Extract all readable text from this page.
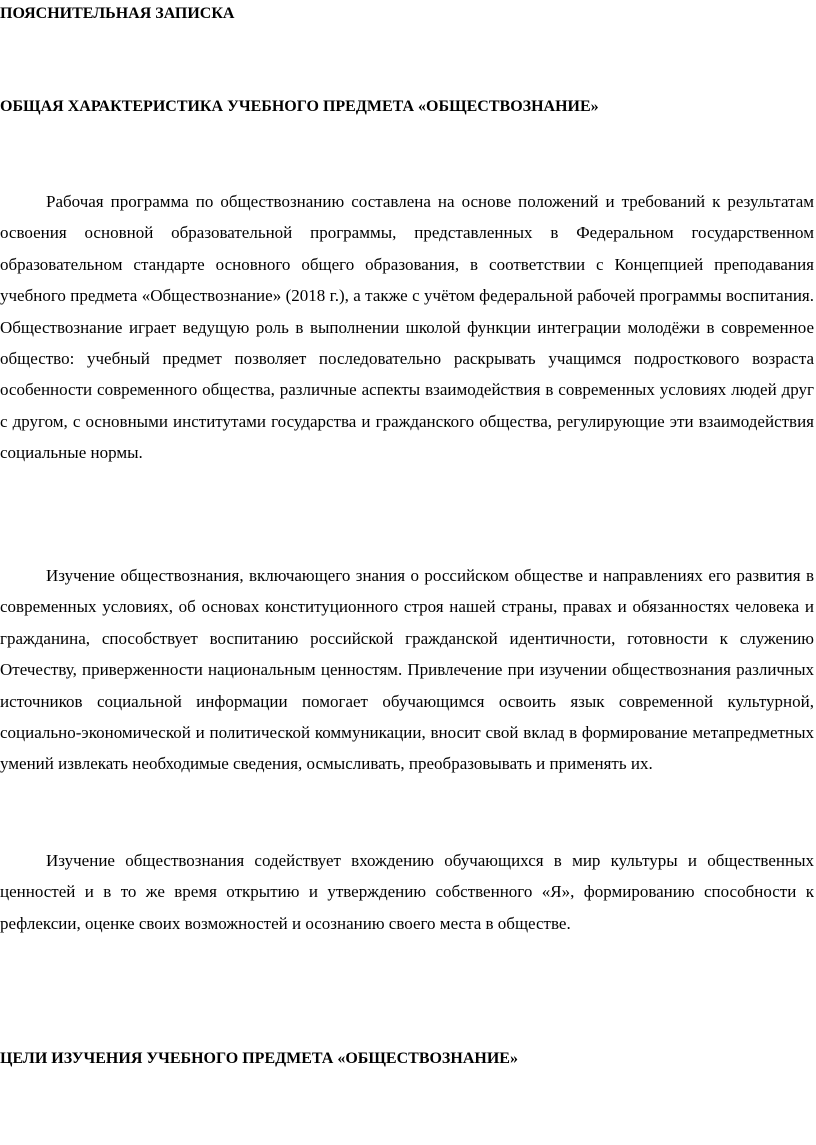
ПОЯСНИТЕЛЬНАЯ ЗАПИСКА
ОБЩАЯ ХАРАКТЕРИСТИКА УЧЕБНОГО ПРЕДМЕТА «ОБЩЕСТВОЗНАНИЕ»

Рабочая программа по обществознанию составлена на основе положений и требований к результатам освоения основной образовательной программы, представленных в Федеральном государственном образовательном стандарте основного общего образования, в соответствии с Концепцией преподавания учебного предмета «Обществознание» (2018 г.), а также с учётом федеральной рабочей программы воспитания. Обществознание играет ведущую роль в выполнении школой функции интеграции молодёжи в современное общество: учебный предмет позволяет последовательно раскрывать учащимся подросткового возраста особенности современного общества, различные аспекты взаимодействия в современных условиях людей друг с другом, с основными институтами государства и гражданского общества, регулирующие эти взаимодействия социальные нормы.

Изучение обществознания, включающего знания о российском обществе и направлениях его развития в современных условиях, об основах конституционного строя нашей страны, правах и обязанностях человека и гражданина, способствует воспитанию российской гражданской идентичности, готовности к служению Отечеству, приверженности национальным ценностям. Привлечение при изучении обществознания различных источников социальной информации помогает обучающимся освоить язык современной культурной, социально-экономической и политической коммуникации, вносит свой вклад в формирование метапредметных умений извлекать необходимые сведения, осмысливать, преобразовывать и применять их.

Изучение обществознания содействует вхождению обучающихся в мир культуры и общественных ценностей и в то же время открытию и утверждению собственного «Я», формированию способности к рефлексии, оценке своих возможностей и осознанию своего места в обществе.

ЦЕЛИ ИЗУЧЕНИЯ УЧЕБНОГО ПРЕДМЕТА «ОБЩЕСТВОЗНАНИЕ»
